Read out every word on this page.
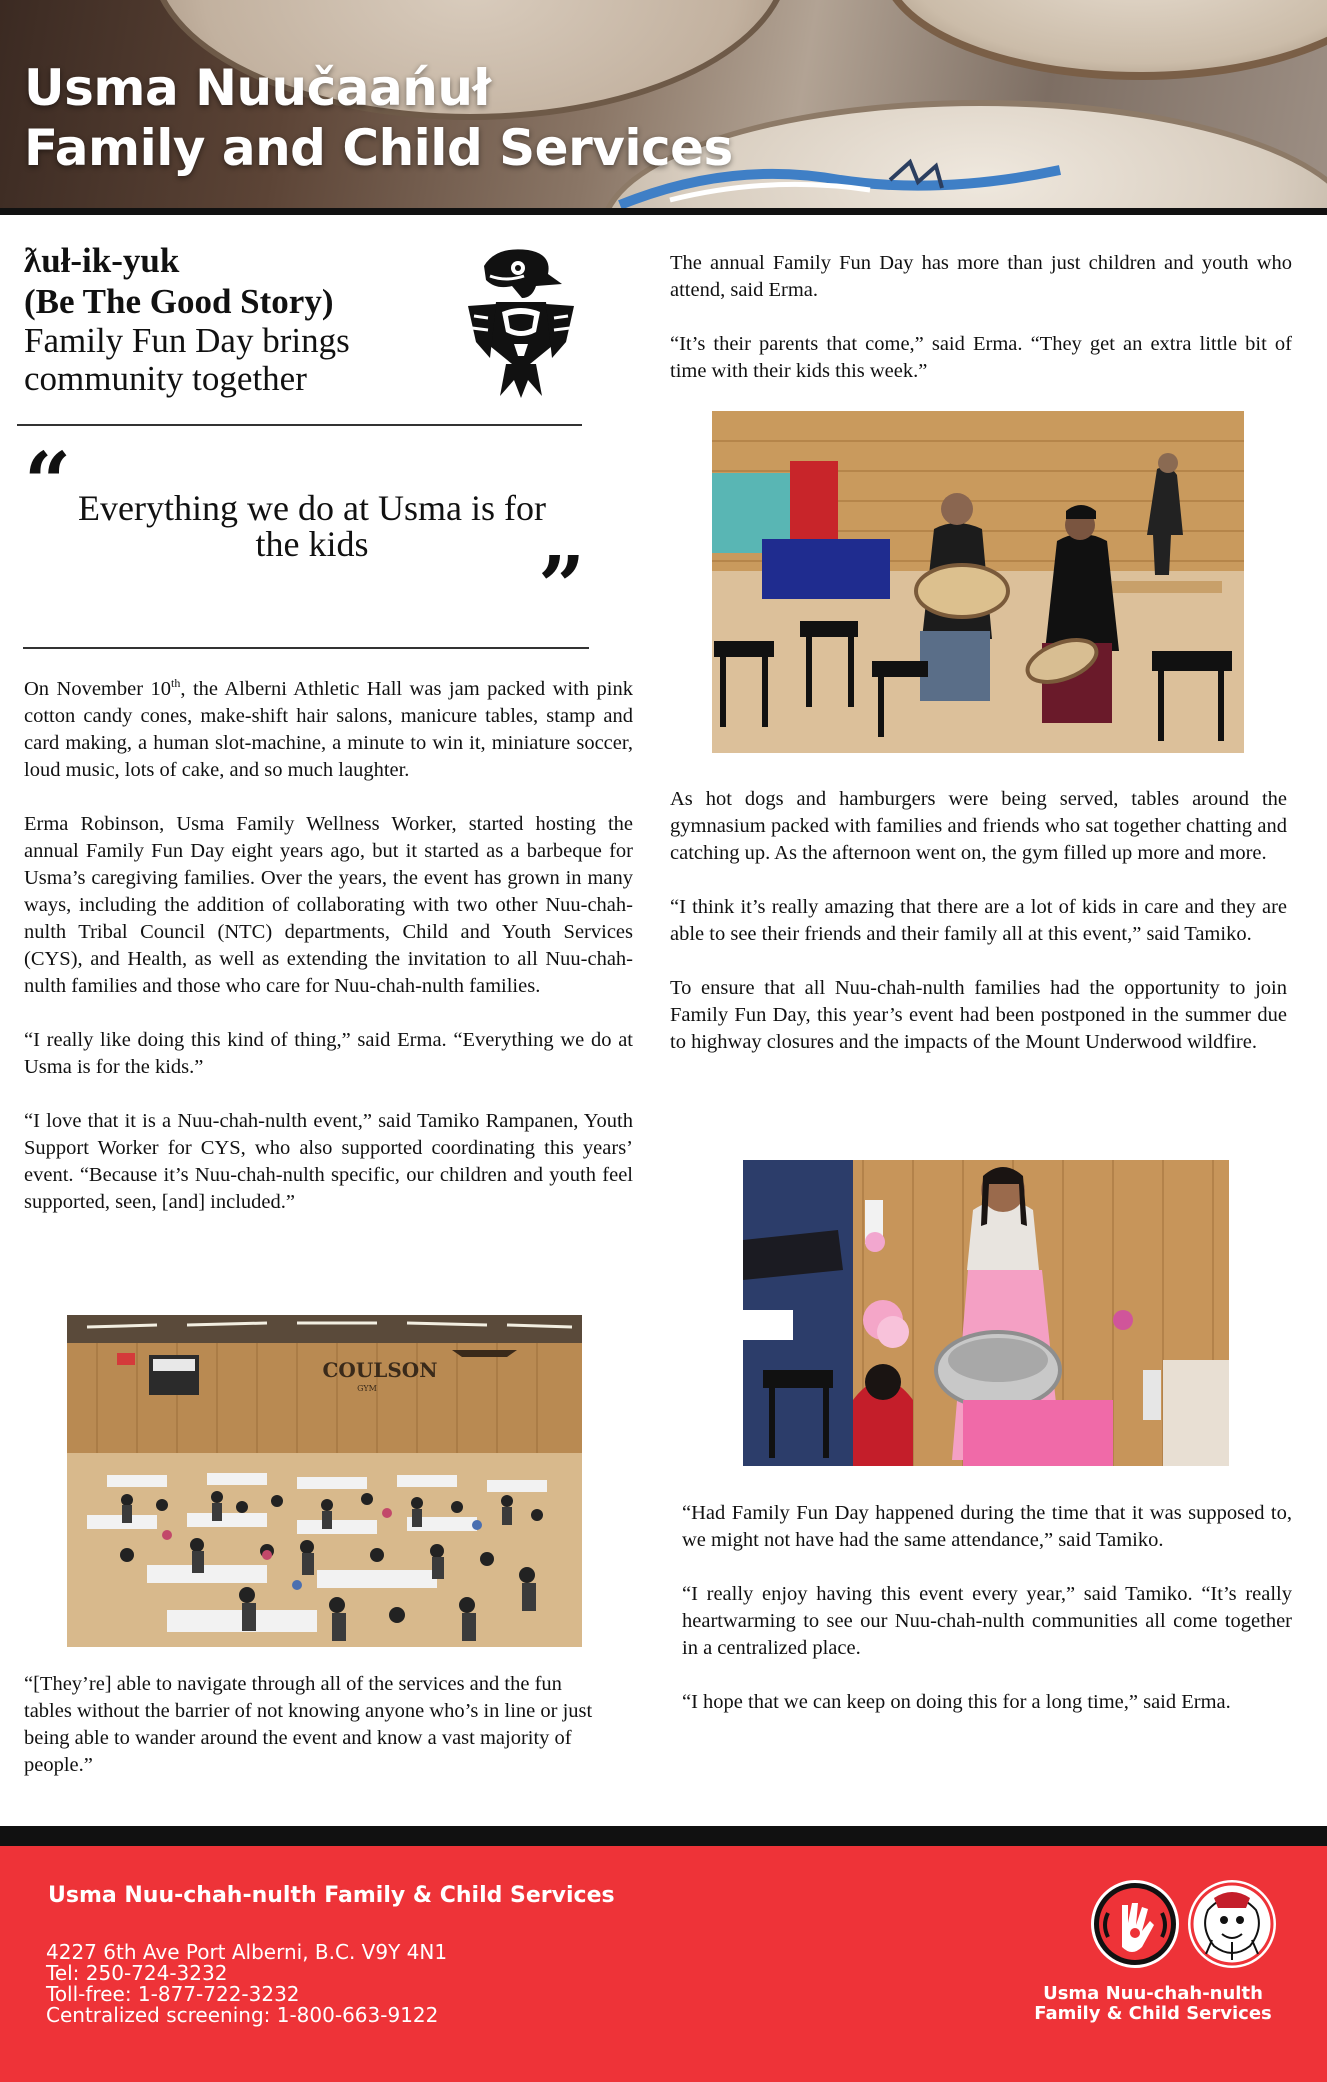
Usma Nuučaańuł
Family and Child Services
ƛuł-ik-yuk
(Be The Good Story)
Family Fun Day brings community together
“ Everything we do at Usma is for the kids	”

On November 10th, the Alberni Athletic Hall was jam packed with pink cotton candy cones, make-shift hair salons, manicure tables, stamp and card making, a human slot-machine, a minute to win it, miniature soccer, loud music, lots of cake, and so much laughter.

Erma Robinson, Usma Family Wellness Worker, started hosting the annual Family Fun Day eight years ago, but it started as a barbeque for Usma’s caregiving families. Over the years, the event has grown in many ways, including the addition of collaborating with two other Nuu-chah-nulth Tribal Council (NTC) departments, Child and Youth Services (CYS), and Health, as well as extending the invitation to all Nuu-chah-nulth families and those who care for Nuu-chah-nulth families.

“I really like doing this kind of thing,” said Erma. “Everything we do at Usma is for the kids.”

“I love that it is a Nuu-chah-nulth event,” said Tamiko Rampanen, Youth Support Worker for CYS, who also supported coordinating this years’ event. “Because it’s Nuu-chah-nulth specific, our children and youth feel supported, seen, [and] included.”

COULSON
GYM

“[They’re] able to navigate through all of the services and the fun tables without the barrier of not knowing anyone who’s in line or just being able to wander around the event and know a vast majority of people.”

The annual Family Fun Day has more than just children and youth who attend, said Erma.

“It’s their parents that come,” said Erma. “They get an extra little bit of time with their kids this week.”

As hot dogs and hamburgers were being served, tables around the gymnasium packed with families and friends who sat together chatting and catching up. As the afternoon went on, the gym filled up more and more.

“I think it’s really amazing that there are a lot of kids in care and they are able to see their friends and their family all at this event,” said Tamiko.

To ensure that all Nuu-chah-nulth families had the opportunity to join Family Fun Day, this year’s event had been postponed in the summer due to highway closures and the impacts of the Mount Underwood wildfire.

“Had Family Fun Day happened during the time that it was supposed to, we might not have had the same attendance,” said Tamiko.

“I really enjoy having this event every year,” said Tamiko. “It’s really heartwarming to see our Nuu-chah-nulth communities all come together in a centralized place.

“I hope that we can keep on doing this for a long time,” said Erma.

Usma Nuu-chah-nulth Family & Child Services
4227 6th Ave Port Alberni, B.C. V9Y 4N1
Tel: 250-724-3232
Toll-free: 1-877-722-3232
Centralized screening: 1-800-663-9122
Usma Nuu-chah-nulth
Family & Child Services
